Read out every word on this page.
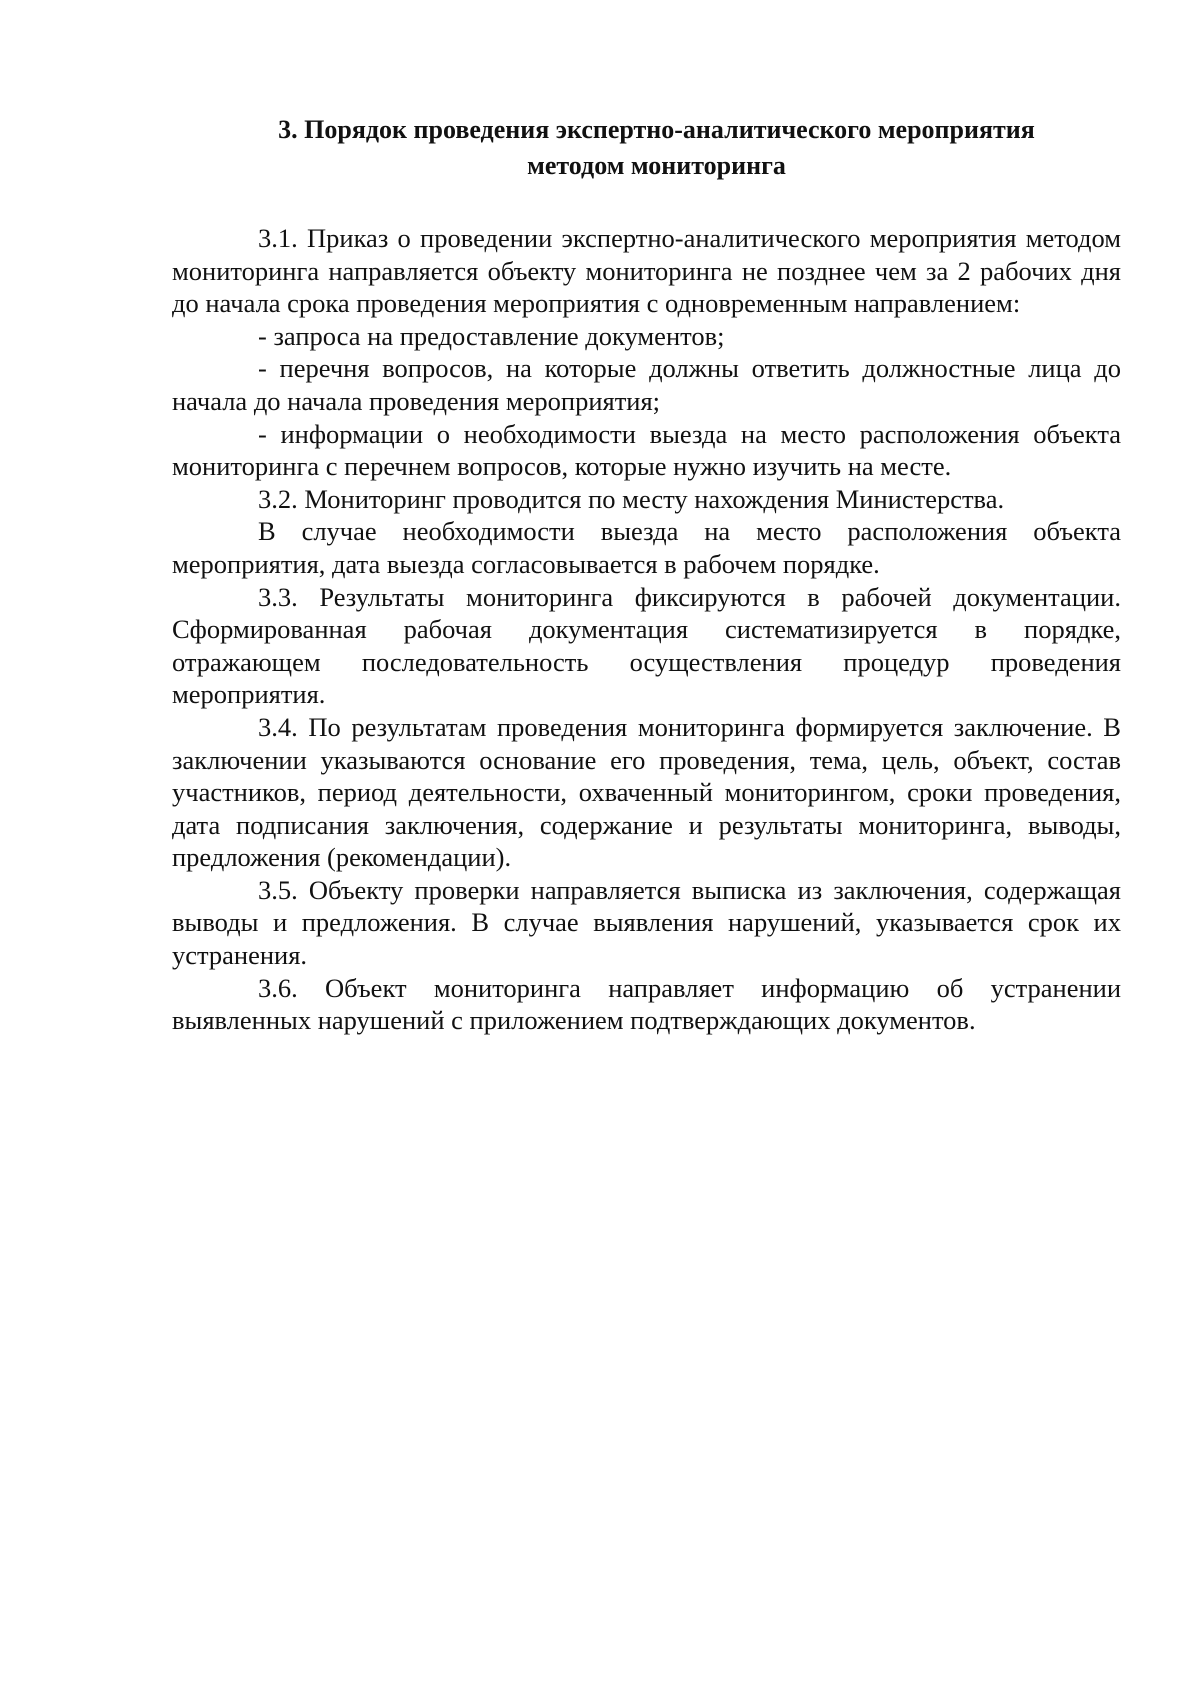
3. Порядок проведения экспертно-аналитического мероприятия
методом мониторинга

3.1. Приказ о проведении экспертно-аналитического мероприятия методом мониторинга направляется объекту мониторинга не позднее чем за 2 рабочих дня до начала срока проведения мероприятия с одновременным направлением:

- запроса на предоставление документов;

- перечня вопросов, на которые должны ответить должностные лица до начала до начала проведения мероприятия;

- информации о необходимости выезда на место расположения объекта мониторинга с перечнем вопросов, которые нужно изучить на месте.

3.2. Мониторинг проводится по месту нахождения Министерства.

В случае необходимости выезда на место расположения объекта мероприятия, дата выезда согласовывается в рабочем порядке.

3.3. Результаты мониторинга фиксируются в рабочей документации. Сформированная рабочая документация систематизируется в порядке, отражающем последовательность осуществления процедур проведения мероприятия.

3.4. По результатам проведения мониторинга формируется заключение. В заключении указываются основание его проведения, тема, цель, объект, состав участников, период деятельности, охваченный мониторингом, сроки проведения, дата подписания заключения, содержание и результаты мониторинга, выводы, предложения (рекомендации).

3.5. Объекту проверки направляется выписка из заключения, содержащая выводы и предложения. В случае выявления нарушений, указывается срок их устранения.

3.6. Объект мониторинга направляет информацию об устранении выявленных нарушений с приложением подтверждающих документов.
